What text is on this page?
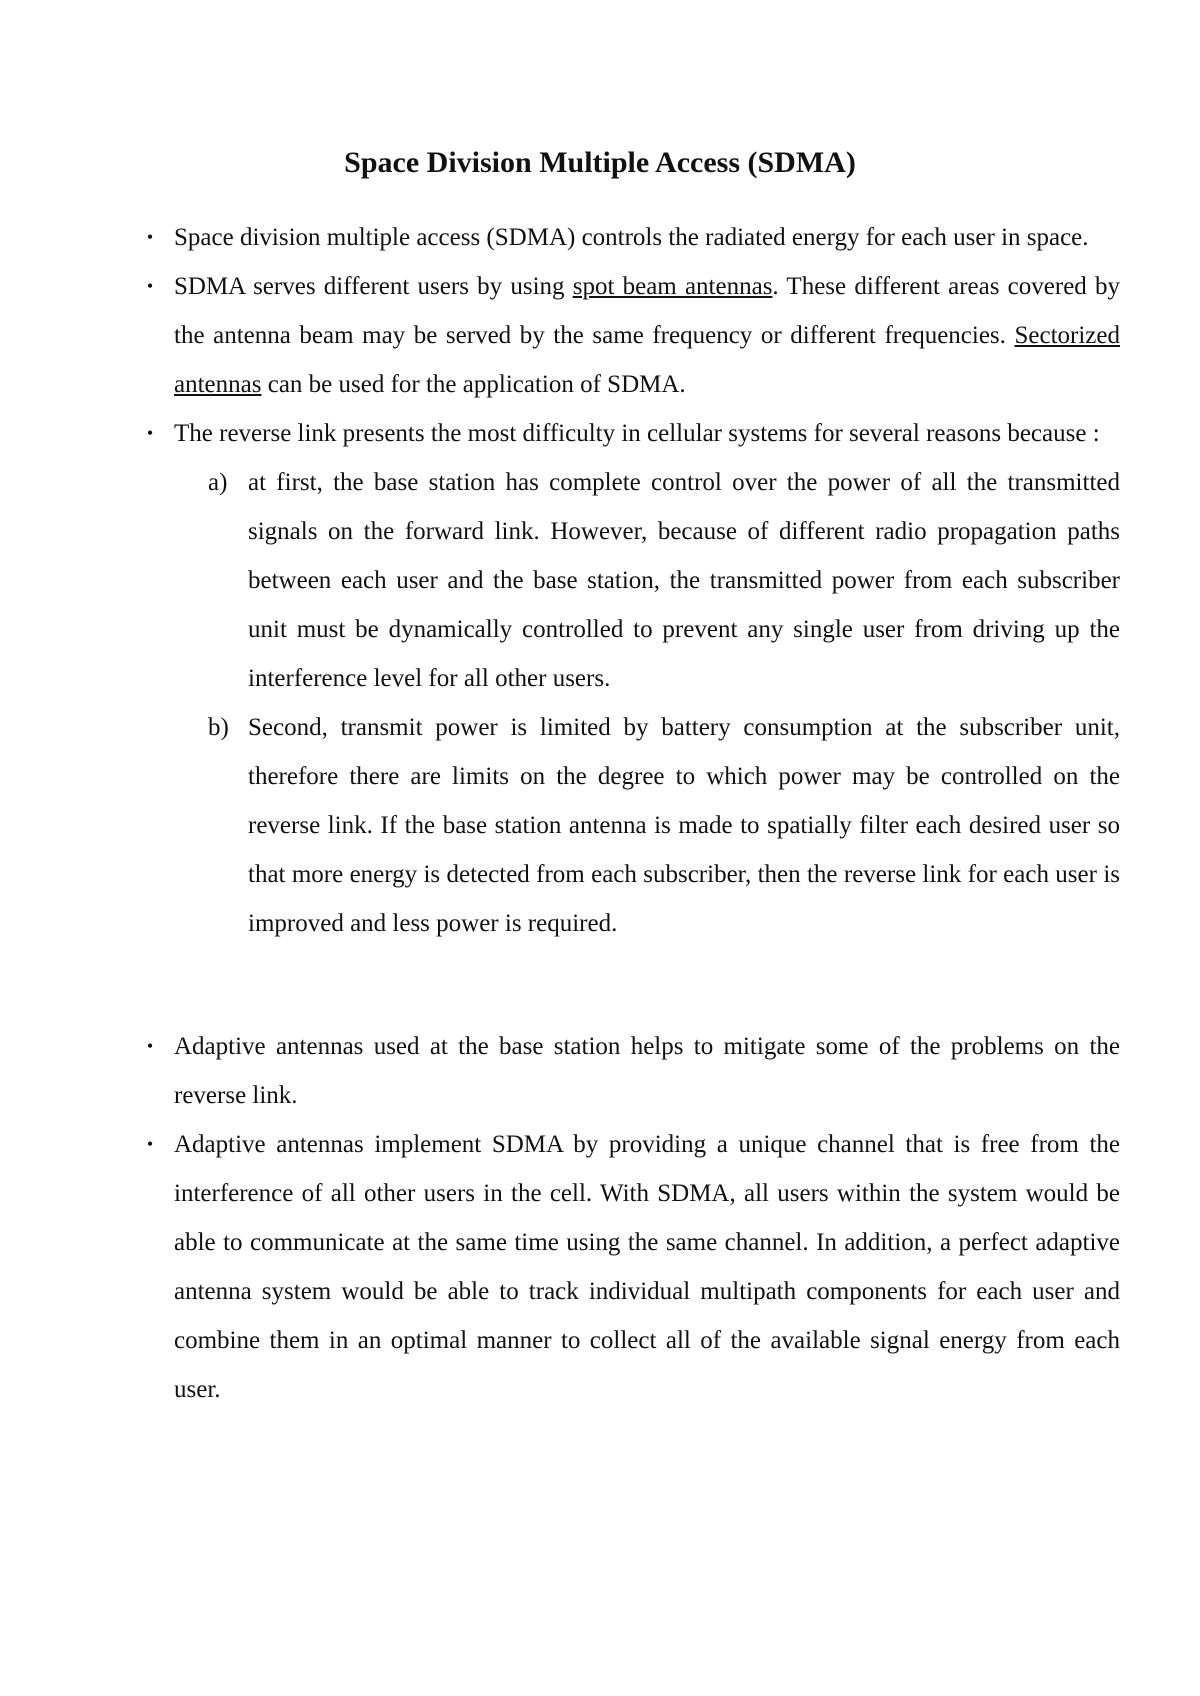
Space Division Multiple Access (SDMA)
• Space division multiple access (SDMA) controls the radiated energy for each user in space.
• SDMA serves different users by using spot beam antennas. These different areas covered by the antenna beam may be served by the same frequency or different frequencies. Sectorized antennas can be used for the application of SDMA.
• The reverse link presents the most difficulty in cellular systems for several reasons because :
a) at first, the base station has complete control over the power of all the transmitted signals on the forward link. However, because of different radio propagation paths between each user and the base station, the transmitted power from each subscriber unit must be dynamically controlled to prevent any single user from driving up the interference level for all other users.
b) Second, transmit power is limited by battery consumption at the subscriber unit, therefore there are limits on the degree to which power may be controlled on the reverse link. If the base station antenna is made to spatially filter each desired user so that more energy is detected from each subscriber, then the reverse link for each user is improved and less power is required.
• Adaptive antennas used at the base station helps to mitigate some of the problems on the reverse link.
• Adaptive antennas implement SDMA by providing a unique channel that is free from the interference of all other users in the cell. With SDMA, all users within the system would be able to communicate at the same time using the same channel. In addition, a perfect adaptive antenna system would be able to track individual multipath components for each user and combine them in an optimal manner to collect all of the available signal energy from each user.
